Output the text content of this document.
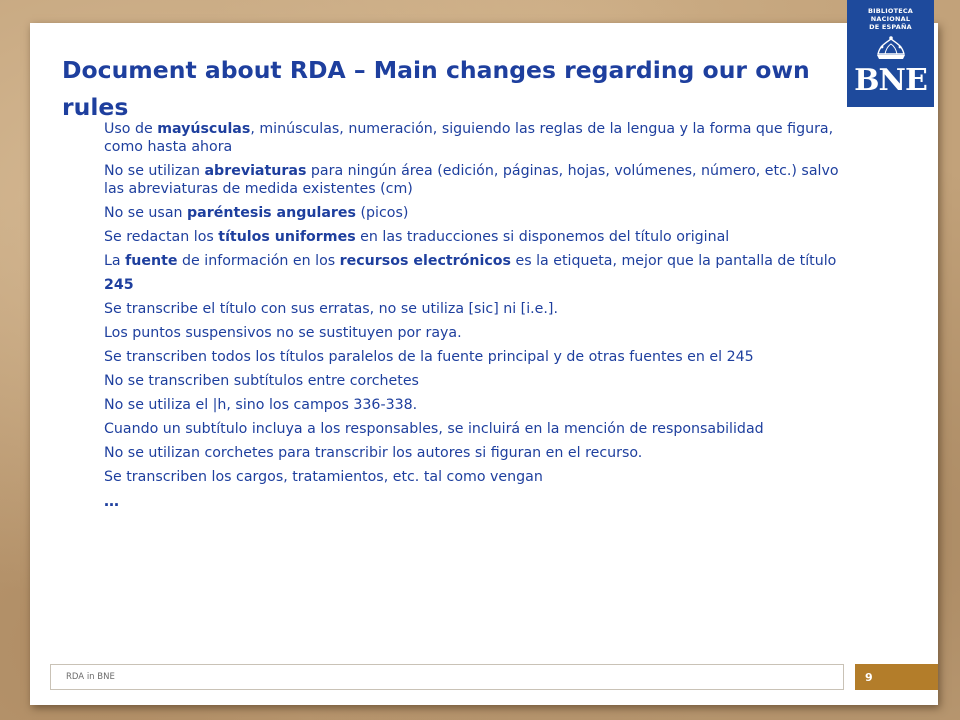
BIBLIOTECA
NACIONAL
DE ESPAÑA
BNE
Document about RDA – Main changes regarding our own rules
Uso de mayúsculas, minúsculas, numeración, siguiendo las reglas de la lengua y la forma que figura, como hasta ahora
No se utilizan abreviaturas para ningún área (edición, páginas, hojas, volúmenes, número, etc.) salvo las abreviaturas de medida existentes (cm)
No se usan paréntesis angulares (picos)
Se redactan los títulos uniformes en las traducciones si disponemos del título original
La fuente de información en los recursos electrónicos es la etiqueta, mejor que la pantalla de título
245
Se transcribe el título con sus erratas, no se utiliza [sic] ni [i.e.].
Los puntos suspensivos no se sustituyen por raya.
Se transcriben todos los títulos paralelos de la fuente principal y de otras fuentes en el 245
No se transcriben subtítulos entre corchetes
No se utiliza el |h, sino los campos 336-338.
Cuando un subtítulo incluya a los responsables, se incluirá en la mención de responsabilidad
No se utilizan corchetes para transcribir los autores si figuran en el recurso.
Se transcriben los cargos, tratamientos, etc. tal como vengan
…
RDA in BNE	9
